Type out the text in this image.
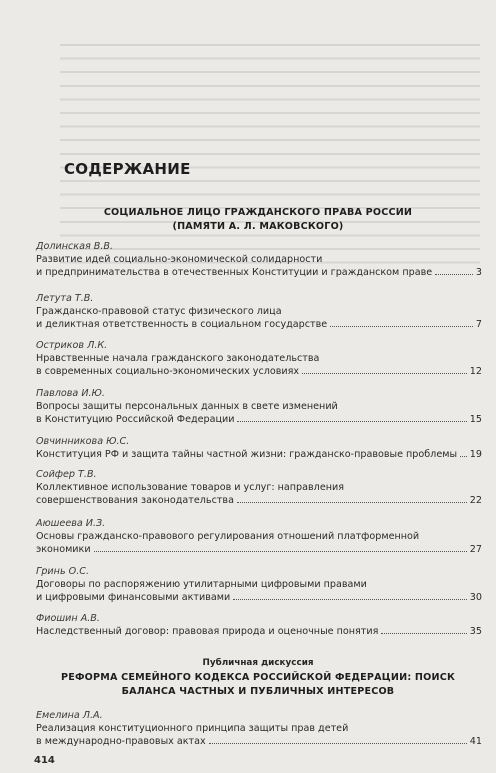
СОДЕРЖАНИЕ
СОЦИАЛЬНОЕ ЛИЦО ГРАЖДАНСКОГО ПРАВА РОССИИ
(ПАМЯТИ А. Л. МАКОВСКОГО)
Долинская В.В.
Развитие идей социально-экономической солидарности
и предпринимательства в отечественных Конституции и гражданском праве	3
Летута Т.В.
Гражданско-правовой статус физического лица
и деликтная ответственность в социальном государстве	7
Остриков Л.К.
Нравственные начала гражданского законодательства
в современных социально-экономических условиях	12
Павлова И.Ю.
Вопросы защиты персональных данных в свете изменений
в Конституцию Российской Федерации	15
Овчинникова Ю.С.
Конституция РФ и защита тайны частной жизни: гражданско-правовые проблемы 19
Сойфер Т.В.
Коллективное использование товаров и услуг: направления
совершенствования законодательства	22
Аюшеева И.З.
Основы гражданско-правового регулирования отношений платформенной
экономики	27
Гринь О.С.
Договоры по распоряжению утилитарными цифровыми правами
и цифровыми финансовыми активами	30
Фиошин А.В.
Наследственный договор: правовая природа и оценочные понятия	35
Публичная дискуссия
РЕФОРМА СЕМЕЙНОГО КОДЕКСА РОССИЙСКОЙ ФЕДЕРАЦИИ: ПОИСК
БАЛАНСА ЧАСТНЫХ И ПУБЛИЧНЫХ ИНТЕРЕСОВ
Емелина Л.А.
Реализация конституционного принципа защиты прав детей
в международно-правовых актах	41
414
